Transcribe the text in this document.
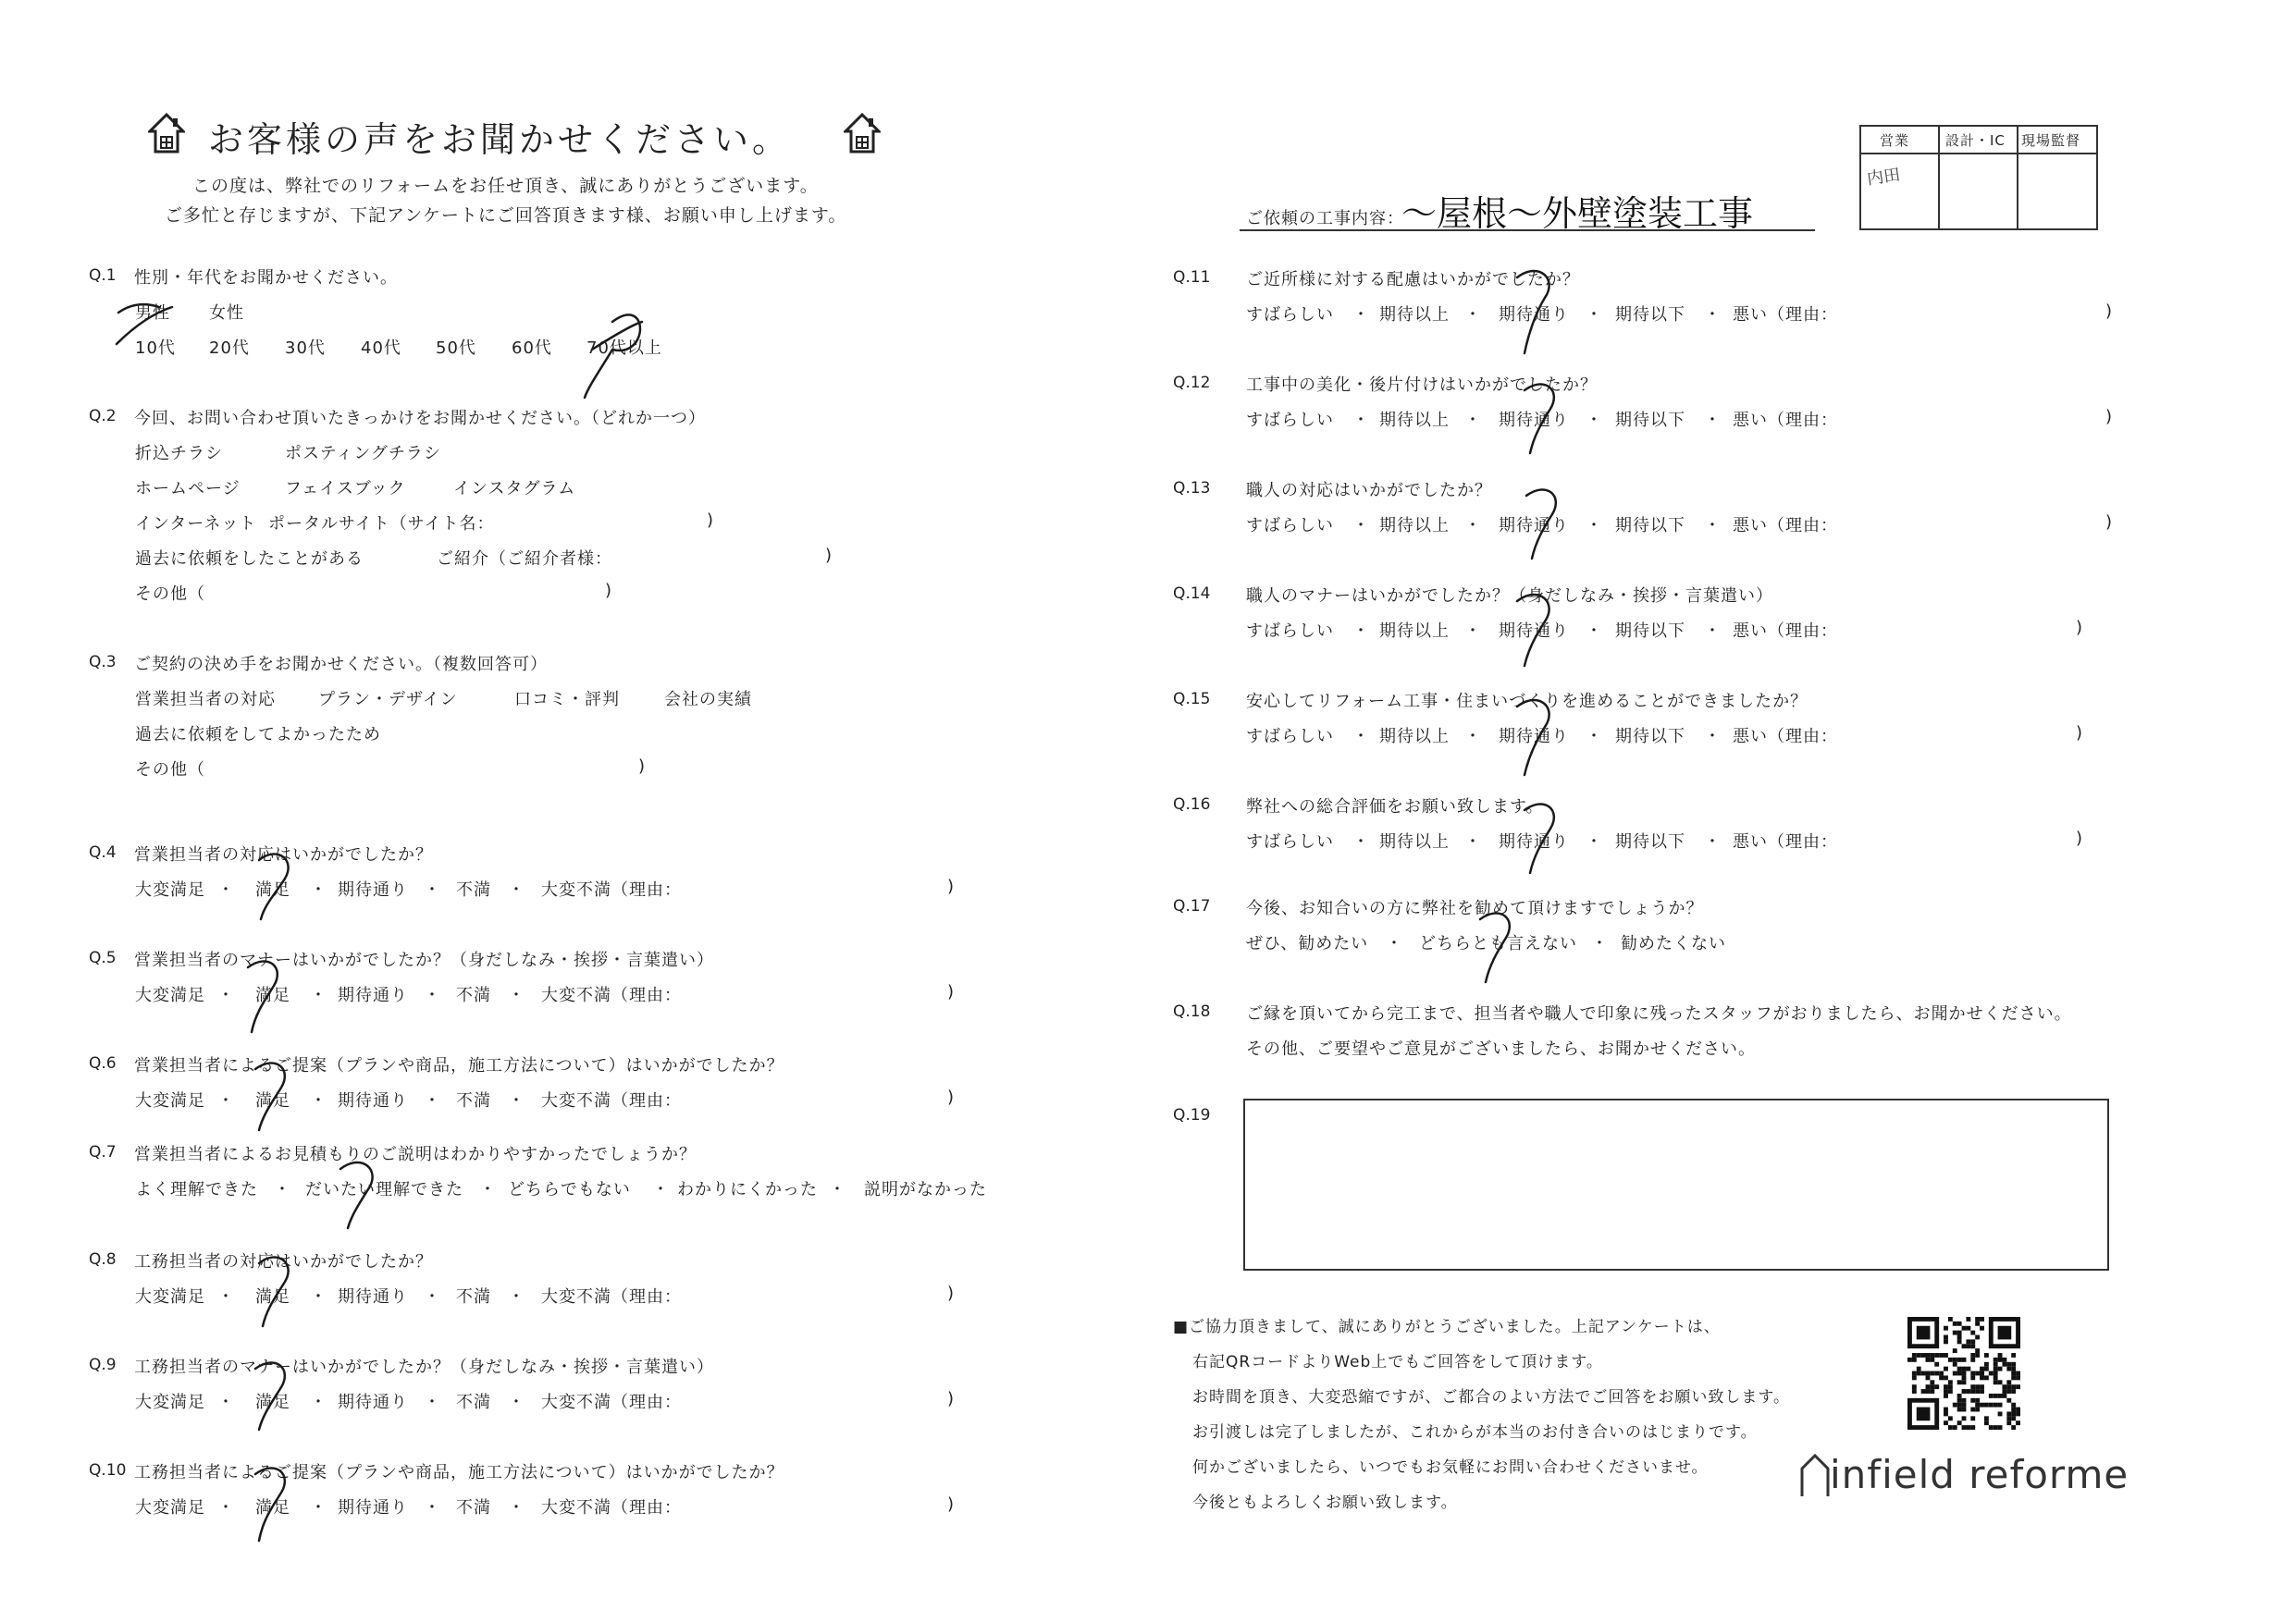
お客様の声をお聞かせください。
この度は、弊社でのリフォームをお任せ頂き、誠にありがとうございます。
ご多忙と存じますが、下記アンケートにご回答頂きます様、お願い申し上げます。
営業	設計・IC 現場監督
内田
ご依頼の工事内容：
～屋根～外壁塗装工事
Q.1 性別・年代をお聞かせください。
男性 女性
10代 20代 30代 40代 50代 60代 70代以上
Q.2 今回、お問い合わせ頂いたきっかけをお聞かせください。（どれか一つ）
折込チラシ	ポスティングチラシ
ホームページ	フェイスブック	インスタグラム
インターネット ポータルサイト（サイト名：	)
過去に依頼をしたことがある	ご紹介（ご紹介者様：	)
その他（	)
Q.3 ご契約の決め手をお聞かせください。（複数回答可）
営業担当者の対応	プラン・デザイン	口コミ・評判	会社の実績
過去に依頼をしてよかったため
その他（	)
Q.4 営業担当者の対応はいかがでしたか？
大変満足 ・ 満足 ・ 期待通り ・ 不満 ・ 大変不満（理由：	)
Q.5 営業担当者のマナーはいかがでしたか？（身だしなみ・挨拶・言葉遣い）
大変満足 ・ 満足 ・ 期待通り ・ 不満 ・ 大変不満（理由：	)
Q.6 営業担当者によるご提案（プランや商品，施工方法について）はいかがでしたか？
大変満足 ・ 満足 ・ 期待通り ・ 不満 ・ 大変不満（理由：	)
Q.8 工務担当者の対応はいかがでしたか？
大変満足 ・ 満足 ・ 期待通り ・ 不満 ・ 大変不満（理由：	)
Q.9 工務担当者のマナーはいかがでしたか？（身だしなみ・挨拶・言葉遣い）
大変満足 ・ 満足 ・ 期待通り ・ 不満 ・ 大変不満（理由：	)
Q.10 工務担当者によるご提案（プランや商品，施工方法について）はいかがでしたか？
大変満足 ・ 満足 ・ 期待通り ・ 不満 ・ 大変不満（理由：	)
Q.7 営業担当者によるお見積もりのご説明はわかりやすかったでしょうか？
よく理解できた ・ だいたい理解できた ・ どちらでもない ・ わかりにくかった ・ 説明がなかった
Q.11 ご近所様に対する配慮はいかがでしたか？
すばらしい ・ 期待以上 ・ 期待通り ・ 期待以下 ・ 悪い（理由：	)
Q.12 工事中の美化・後片付けはいかがでしたか？
すばらしい ・ 期待以上 ・ 期待通り ・ 期待以下 ・ 悪い（理由：	)
Q.13 職人の対応はいかがでしたか？
すばらしい ・ 期待以上 ・ 期待通り ・ 期待以下 ・ 悪い（理由：	)
Q.14 職人のマナーはいかがでしたか？（身だしなみ・挨拶・言葉遣い）
すばらしい ・ 期待以上 ・ 期待通り ・ 期待以下 ・ 悪い（理由：	)
Q.15 安心してリフォーム工事・住まいづくりを進めることができましたか？
すばらしい ・ 期待以上 ・ 期待通り ・ 期待以下 ・ 悪い（理由：	)
Q.16 弊社への総合評価をお願い致します。
すばらしい ・ 期待以上 ・ 期待通り ・ 期待以下 ・ 悪い（理由：	)
Q.17 今後、お知合いの方に弊社を勧めて頂けますでしょうか？
ぜひ、勧めたい ・ どちらとも言えない ・ 勧めたくない
Q.18 ご縁を頂いてから完工まで、担当者や職人で印象に残ったスタッフがおりましたら、お聞かせください。
その他、ご要望やご意見がございましたら、お聞かせください。
Q.19
■ご協力頂きまして、誠にありがとうございました。上記アンケートは、
右記QRコードよりWeb上でもご回答をして頂けます。
お時間を頂き、大変恐縮ですが、ご都合のよい方法でご回答をお願い致します。
お引渡しは完了しましたが、これからが本当のお付き合いのはじまりです。
何かございましたら、いつでもお気軽にお問い合わせくださいませ。
今後ともよろしくお願い致します。
infield reforme
